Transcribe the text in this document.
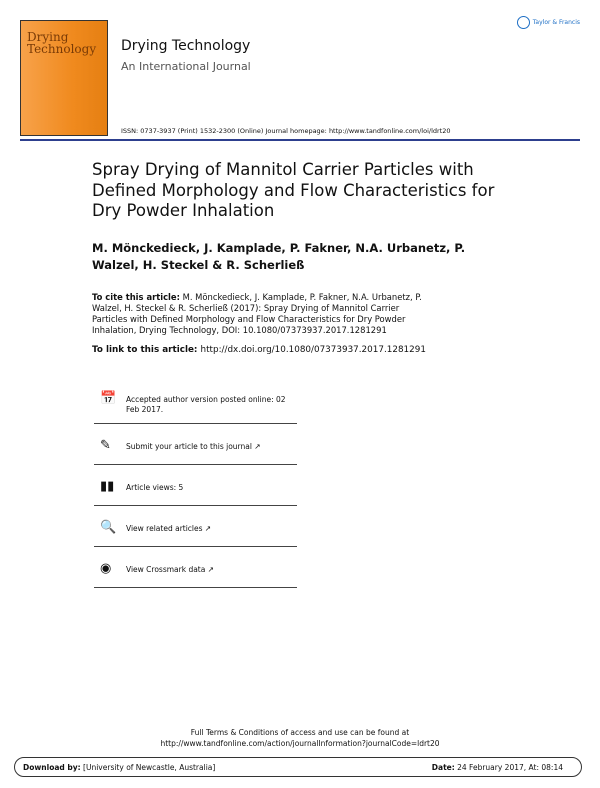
Drying Technology Drying Technology
An International Journal
Taylor & Francis
ISSN: 0737-3937 (Print) 1532-2300 (Online) Journal homepage: http://www.tandfonline.com/loi/ldrt20
Spray Drying of Mannitol Carrier Particles with Defined Morphology and Flow Characteristics for Dry Powder Inhalation
M. Mönckedieck, J. Kamplade, P. Fakner, N.A. Urbanetz, P. Walzel, H. Steckel & R. Scherließ
To cite this article: M. Mönckedieck, J. Kamplade, P. Fakner, N.A. Urbanetz, P. Walzel, H. Steckel & R. Scherließ (2017): Spray Drying of Mannitol Carrier Particles with Defined Morphology and Flow Characteristics for Dry Powder Inhalation, Drying Technology, DOI: 10.1080/07373937.2017.1281291
To link to this article: http://dx.doi.org/10.1080/07373937.2017.1281291
📅 Accepted author version posted online: 02 Feb 2017.
✎	Submit your article to this journal ↗
▮▮ Article views: 5
🔍 View related articles ↗
◉	View Crossmark data ↗
Full Terms & Conditions of access and use can be found at
http://www.tandfonline.com/action/journalInformation?journalCode=ldrt20
Download by: [University of Newcastle, Australia]	Date: 24 February 2017, At: 08:14
